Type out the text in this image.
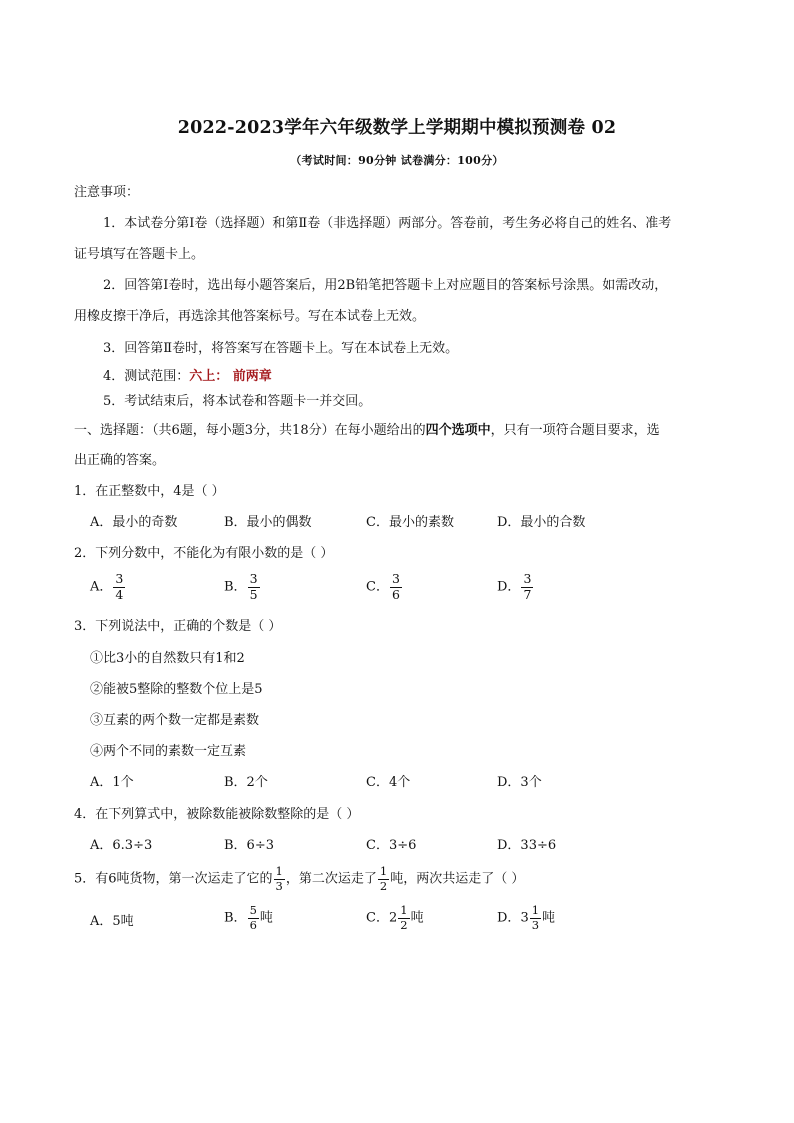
2022-2023学年六年级数学上学期期中模拟预测卷 02
（考试时间：90分钟 试卷满分：100分）
注意事项：
1．本试卷分第Ⅰ卷（选择题）和第Ⅱ卷（非选择题）两部分。答卷前，考生务必将自己的姓名、准考
证号填写在答题卡上。
2．回答第Ⅰ卷时，选出每小题答案后，用2B铅笔把答题卡上对应题目的答案标号涂黑。如需改动，
用橡皮擦干净后，再选涂其他答案标号。写在本试卷上无效。
3．回答第Ⅱ卷时，将答案写在答题卡上。写在本试卷上无效。
4．测试范围：六上： 前两章
5．考试结束后，将本试卷和答题卡一并交回。
一、选择题：（共6题，每小题3分，共18分）在每小题给出的四个选项中，只有一项符合题目要求，选
出正确的答案。
1．在正整数中，4是（ ）
A．最小的奇数	B．最小的偶数	C．最小的素数	D．最小的合数
2．下列分数中，不能化为有限小数的是（ ）
A． $\frac{3}{4}$	B． $\frac{3}{5}$	C． $\frac{3}{6}$	D． $\frac{3}{7}$
3．下列说法中，正确的个数是（ ）
①比3小的自然数只有1和2
②能被5整除的整数个位上是5
③互素的两个数一定都是素数
④两个不同的素数一定互素
A．1个	B．2个	C．4个	D．3个
4．在下列算式中，被除数能被除数整除的是（ ）
A．6.3÷3	B．6÷3	C．3÷6	D．33÷6
5．有6吨货物，第一次运走了它的 $\frac{1}{3}$ ，第二次运走了 $\frac{1}{2}$ 吨，两次共运走了（ ）
A．5吨	B． $\frac{5}{6}$ 吨	C．$2 \frac{1}{2}$ 吨	D．$3 \frac{1}{3}$ 吨
